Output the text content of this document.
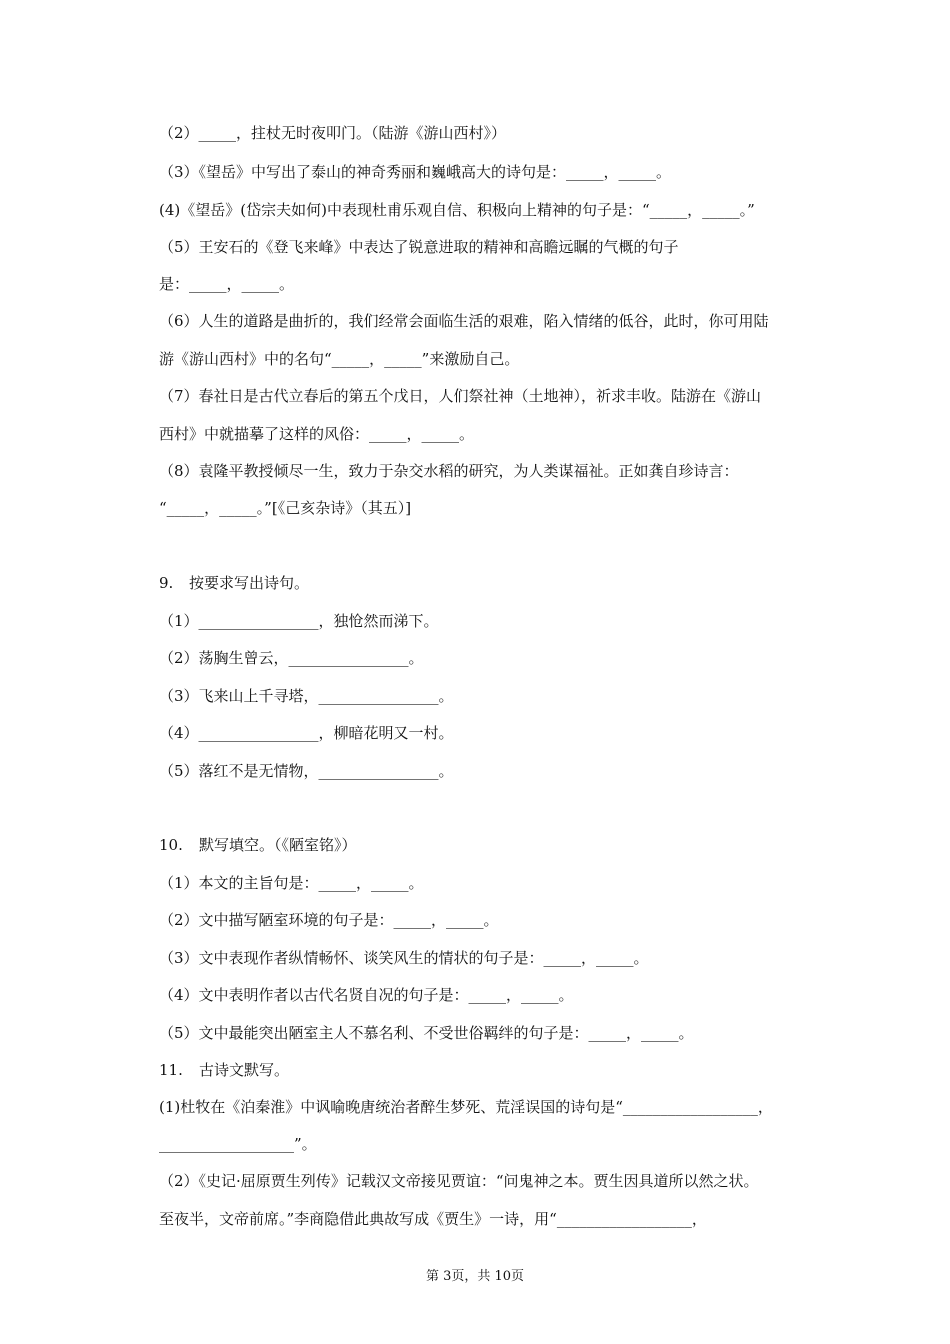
（2）_____，拄杖无时夜叩门。（陆游《游山西村》）
（3）《望岳》中写出了泰山的神奇秀丽和巍峨高大的诗句是：_____，_____。
(4)《望岳》(岱宗夫如何)中表现杜甫乐观自信、积极向上精神的句子是：“_____，_____。”
（5）王安石的《登飞来峰》中表达了锐意进取的精神和高瞻远瞩的气概的句子
是：_____，_____。
（6）人生的道路是曲折的，我们经常会面临生活的艰难，陷入情绪的低谷，此时，你可用陆
游《游山西村》中的名句“_____，_____”来激励自己。
（7）春社日是古代立春后的第五个戊日，人们祭社神（土地神），祈求丰收。陆游在《游山
西村》中就描摹了这样的风俗：_____，_____。
（8）袁隆平教授倾尽一生，致力于杂交水稻的研究，为人类谋福祉。正如龚自珍诗言：
“_____，_____。”[《己亥杂诗》（其五）]
9. 按要求写出诗句。
（1）________________，独怆然而涕下。
（2）荡胸生曾云，________________。
（3）飞来山上千寻塔，________________。
（4）________________，柳暗花明又一村。
（5）落红不是无情物，________________。
10. 默写填空。（《陋室铭》）
（1）本文的主旨句是：_____，_____。
（2）文中描写陋室环境的句子是：_____，_____。
（3）文中表现作者纵情畅怀、谈笑风生的情状的句子是：_____，_____。
（4）文中表明作者以古代名贤自况的句子是：_____，_____。
（5）文中最能突出陋室主人不慕名利、不受世俗羁绊的句子是：_____，_____。
11. 古诗文默写。
(1)杜牧在《泊秦淮》中讽喻晚唐统治者醉生梦死、荒淫误国的诗句是“__________________，
__________________”。
（2）《史记·屈原贾生列传》记载汉文帝接见贾谊：“问鬼神之本。贾生因具道所以然之状。
至夜半，文帝前席。”李商隐借此典故写成《贾生》一诗，用“__________________，
第 3页，共 10页
